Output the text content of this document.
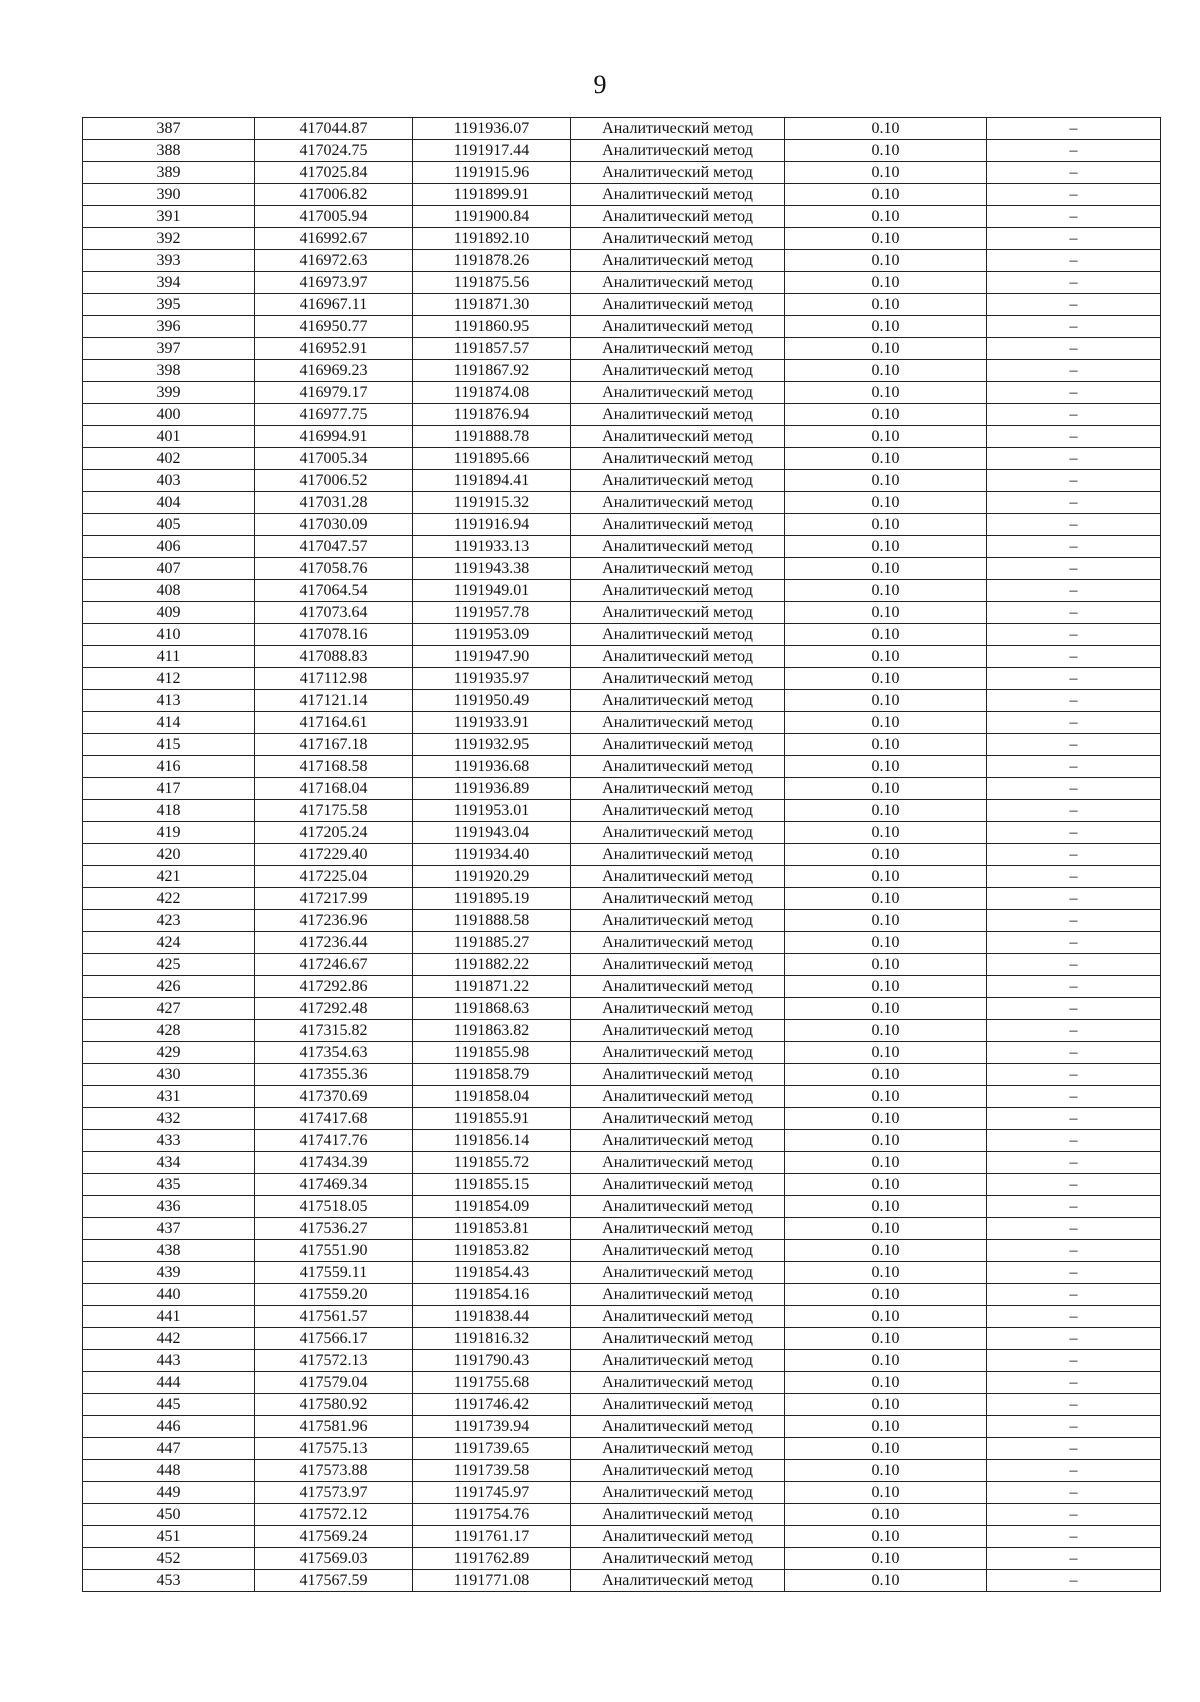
9
387	417044.87	1191936.07	Аналитический метод	0.10	–
388	417024.75	1191917.44	Аналитический метод	0.10	–
389	417025.84	1191915.96	Аналитический метод	0.10	–
390	417006.82	1191899.91	Аналитический метод	0.10	–
391	417005.94	1191900.84	Аналитический метод	0.10	–
392	416992.67	1191892.10	Аналитический метод	0.10	–
393	416972.63	1191878.26	Аналитический метод	0.10	–
394	416973.97	1191875.56	Аналитический метод	0.10	–
395	416967.11	1191871.30	Аналитический метод	0.10	–
396	416950.77	1191860.95	Аналитический метод	0.10	–
397	416952.91	1191857.57	Аналитический метод	0.10	–
398	416969.23	1191867.92	Аналитический метод	0.10	–
399	416979.17	1191874.08	Аналитический метод	0.10	–
400	416977.75	1191876.94	Аналитический метод	0.10	–
401	416994.91	1191888.78	Аналитический метод	0.10	–
402	417005.34	1191895.66	Аналитический метод	0.10	–
403	417006.52	1191894.41	Аналитический метод	0.10	–
404	417031.28	1191915.32	Аналитический метод	0.10	–
405	417030.09	1191916.94	Аналитический метод	0.10	–
406	417047.57	1191933.13	Аналитический метод	0.10	–
407	417058.76	1191943.38	Аналитический метод	0.10	–
408	417064.54	1191949.01	Аналитический метод	0.10	–
409	417073.64	1191957.78	Аналитический метод	0.10	–
410	417078.16	1191953.09	Аналитический метод	0.10	–
411	417088.83	1191947.90	Аналитический метод	0.10	–
412	417112.98	1191935.97	Аналитический метод	0.10	–
413	417121.14	1191950.49	Аналитический метод	0.10	–
414	417164.61	1191933.91	Аналитический метод	0.10	–
415	417167.18	1191932.95	Аналитический метод	0.10	–
416	417168.58	1191936.68	Аналитический метод	0.10	–
417	417168.04	1191936.89	Аналитический метод	0.10	–
418	417175.58	1191953.01	Аналитический метод	0.10	–
419	417205.24	1191943.04	Аналитический метод	0.10	–
420	417229.40	1191934.40	Аналитический метод	0.10	–
421	417225.04	1191920.29	Аналитический метод	0.10	–
422	417217.99	1191895.19	Аналитический метод	0.10	–
423	417236.96	1191888.58	Аналитический метод	0.10	–
424	417236.44	1191885.27	Аналитический метод	0.10	–
425	417246.67	1191882.22	Аналитический метод	0.10	–
426	417292.86	1191871.22	Аналитический метод	0.10	–
427	417292.48	1191868.63	Аналитический метод	0.10	–
428	417315.82	1191863.82	Аналитический метод	0.10	–
429	417354.63	1191855.98	Аналитический метод	0.10	–
430	417355.36	1191858.79	Аналитический метод	0.10	–
431	417370.69	1191858.04	Аналитический метод	0.10	–
432	417417.68	1191855.91	Аналитический метод	0.10	–
433	417417.76	1191856.14	Аналитический метод	0.10	–
434	417434.39	1191855.72	Аналитический метод	0.10	–
435	417469.34	1191855.15	Аналитический метод	0.10	–
436	417518.05	1191854.09	Аналитический метод	0.10	–
437	417536.27	1191853.81	Аналитический метод	0.10	–
438	417551.90	1191853.82	Аналитический метод	0.10	–
439	417559.11	1191854.43	Аналитический метод	0.10	–
440	417559.20	1191854.16	Аналитический метод	0.10	–
441	417561.57	1191838.44	Аналитический метод	0.10	–
442	417566.17	1191816.32	Аналитический метод	0.10	–
443	417572.13	1191790.43	Аналитический метод	0.10	–
444	417579.04	1191755.68	Аналитический метод	0.10	–
445	417580.92	1191746.42	Аналитический метод	0.10	–
446	417581.96	1191739.94	Аналитический метод	0.10	–
447	417575.13	1191739.65	Аналитический метод	0.10	–
448	417573.88	1191739.58	Аналитический метод	0.10	–
449	417573.97	1191745.97	Аналитический метод	0.10	–
450	417572.12	1191754.76	Аналитический метод	0.10	–
451	417569.24	1191761.17	Аналитический метод	0.10	–
452	417569.03	1191762.89	Аналитический метод	0.10	–
453	417567.59	1191771.08	Аналитический метод	0.10	–
